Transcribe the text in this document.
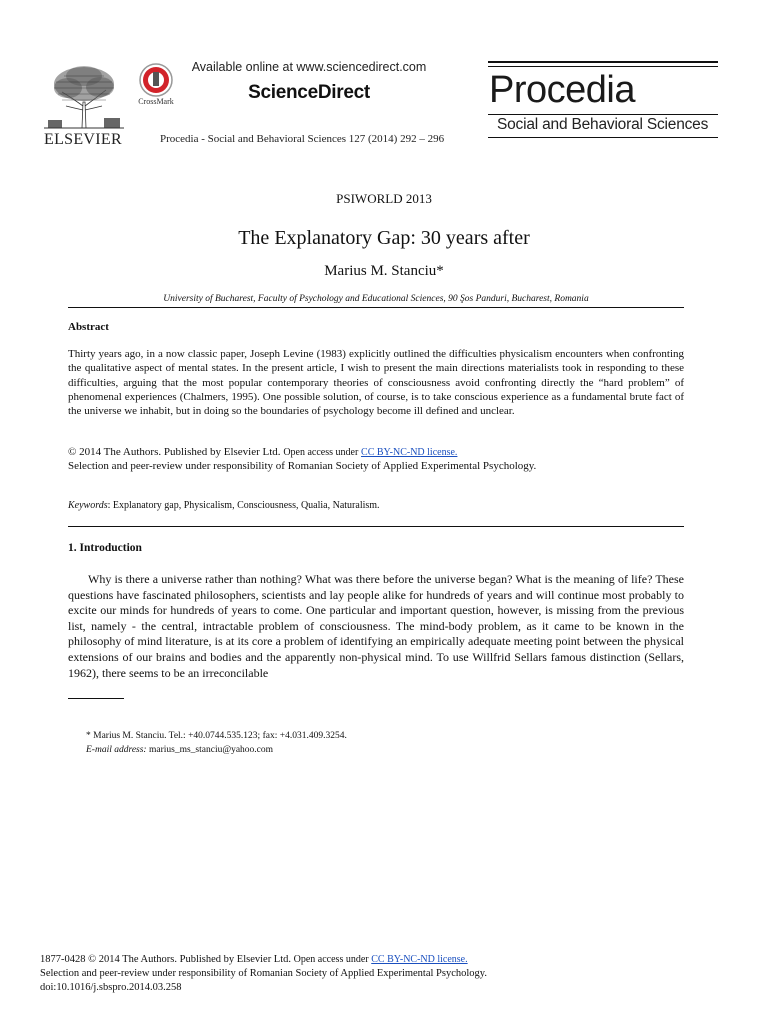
ELSEVIER
CrossMark
Available online at www.sciencedirect.com
ScienceDirect
Procedia - Social and Behavioral Sciences 127 (2014) 292 – 296
Procedia
Social and Behavioral Sciences
PSIWORLD 2013
The Explanatory Gap: 30 years after
Marius M. Stanciu*
University of Bucharest, Faculty of Psychology and Educational Sciences, 90 Şos Panduri, Bucharest, Romania
Abstract
Thirty years ago, in a now classic paper, Joseph Levine (1983) explicitly outlined the difficulties physicalism encounters when confronting the qualitative aspect of mental states. In the present article, I wish to present the main directions materialists took in responding to these difficulties, arguing that the most popular contemporary theories of consciousness avoid confronting directly the “hard problem” of phenomenal experiences (Chalmers, 1995). One possible solution, of course, is to take conscious experience as a fundamental brute fact of the universe we inhabit, but in doing so the boundaries of psychology become ill defined and unclear.
© 2014 The Authors. Published by Elsevier Ltd. Open access under CC BY-NC-ND license.
Selection and peer-review under responsibility of Romanian Society of Applied Experimental Psychology.
Keywords: Explanatory gap, Physicalism, Consciousness, Qualia, Naturalism.
1. Introduction
Why is there a universe rather than nothing? What was there before the universe began? What is the meaning of life? These questions have fascinated philosophers, scientists and lay people alike for hundreds of years and will continue most probably to excite our minds for hundreds of years to come. One particular and important question, however, is missing from the previous list, namely - the central, intractable problem of consciousness. The mind-body problem, as it came to be known in the philosophy of mind literature, is at its core a problem of identifying an empirically adequate meeting point between the physical extensions of our brains and bodies and the apparently non-physical mind. To use Willfrid Sellars famous distinction (Sellars, 1962), there seems to be an irreconcilable
* Marius M. Stanciu. Tel.: +40.0744.535.123; fax: +4.031.409.3254.
E-mail address: marius_ms_stanciu@yahoo.com
1877-0428 © 2014 The Authors. Published by Elsevier Ltd. Open access under CC BY-NC-ND license.
Selection and peer-review under responsibility of Romanian Society of Applied Experimental Psychology.
doi:10.1016/j.sbspro.2014.03.258
